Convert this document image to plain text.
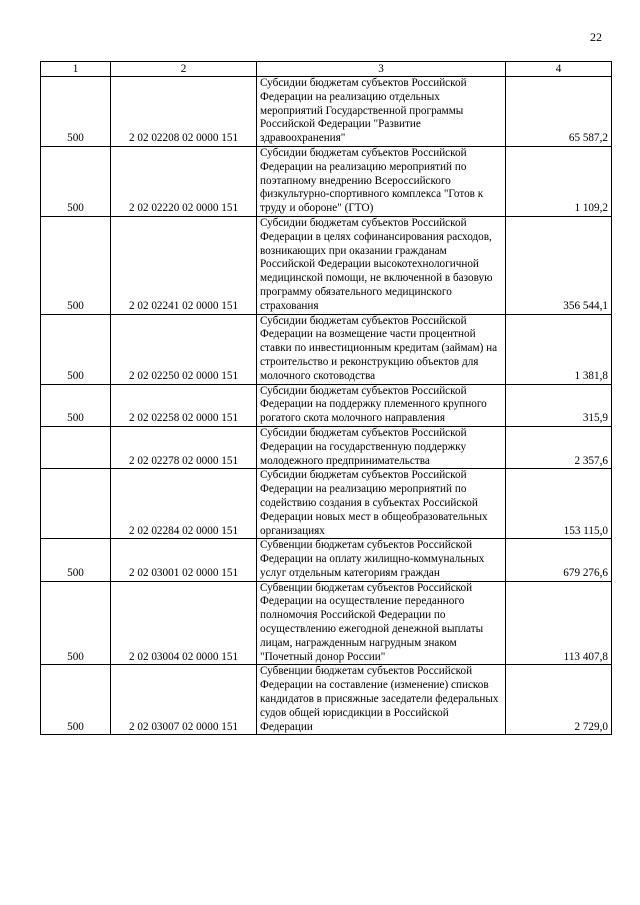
22
1	2	3	4
500	2 02 02208 02 0000 151	Субсидии бюджетам субъектов Российской Федерации на реализацию отдельных мероприятий Государственной программы Российской Федерации "Развитие здравоохранения"	65 587,2
500	2 02 02220 02 0000 151	Субсидии бюджетам субъектов Российской Федерации на реализацию мероприятий по поэтапному внедрению Всероссийского физкультурно-спортивного комплекса "Готов к труду и обороне" (ГТО)	1 109,2
500	2 02 02241 02 0000 151	Субсидии бюджетам субъектов Российской Федерации в целях софинансирования расходов, возникающих при оказании гражданам Российской Федерации высокотехнологичной медицинской помощи, не включенной в базовую программу обязательного медицинского страхования	356 544,1
500	2 02 02250 02 0000 151	Субсидии бюджетам субъектов Российской Федерации на возмещение части процентной ставки по инвестиционным кредитам (займам) на строительство и реконструкцию объектов для молочного скотоводства	1 381,8
500	2 02 02258 02 0000 151	Субсидии бюджетам субъектов Российской Федерации на поддержку племенного крупного рогатого скота молочного направления	315,9
	2 02 02278 02 0000 151	Субсидии бюджетам субъектов Российской Федерации на государственную поддержку молодежного предпринимательства	2 357,6
	2 02 02284 02 0000 151	Субсидии бюджетам субъектов Российской Федерации на реализацию мероприятий по содействию создания в субъектах Российской Федерации новых мест в общеобразовательных организациях	153 115,0
500	2 02 03001 02 0000 151	Субвенции бюджетам субъектов Российской Федерации на оплату жилищно-коммунальных услуг отдельным категориям граждан	679 276,6
500	2 02 03004 02 0000 151	Субвенции бюджетам субъектов Российской Федерации на осуществление переданного полномочия Российской Федерации по осуществлению ежегодной денежной выплаты лицам, награжденным нагрудным знаком "Почетный донор России"	113 407,8
500	2 02 03007 02 0000 151	Субвенции бюджетам субъектов Российской Федерации на составление (изменение) списков кандидатов в присяжные заседатели федеральных судов общей юрисдикции в Российской Федерации	2 729,0
